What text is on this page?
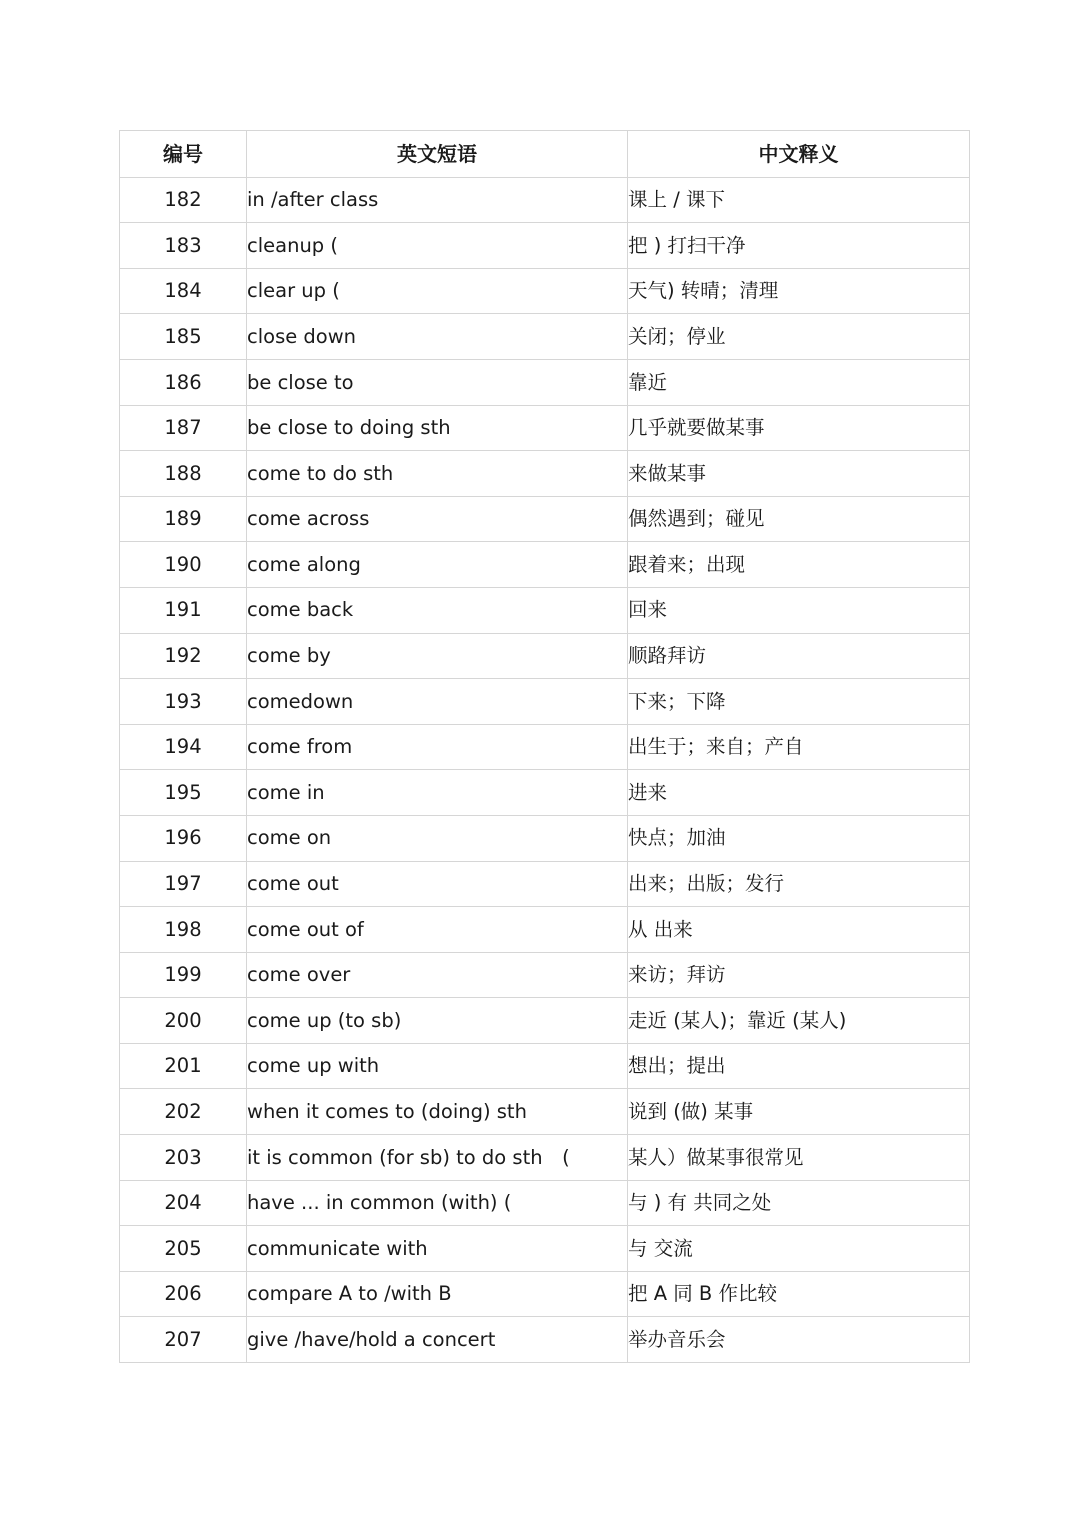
编号	英文短语	中文释义
182	in /after class	课上 / 课下
183	cleanup (	把 ) 打扫干净
184	clear up (	天气) 转晴；清理
185	close down	关闭；停业
186	be close to	靠近
187	be close to doing sth	几乎就要做某事
188	come to do sth	来做某事
189	come across	偶然遇到；碰见
190	come along	跟着来；出现
191	come back	回来
192	come by	顺路拜访
193	comedown	下来；下降
194	come from	出生于；来自；产自
195	come in	进来
196	come on	快点；加油
197	come out	出来；出版；发行
198	come out of	从 出来
199	come over	来访；拜访
200	come up (to sb)	走近 (某人)；靠近 (某人)
201	come up with	想出；提出
202	when it comes to (doing) sth	说到 (做) 某事
203	it is common (for sb) to do sth　(	某人）做某事很常见
204	have ... in common (with) (	与 ) 有 共同之处
205	communicate with	与 交流
206	compare A to /with B	把 A 同 B 作比较
207	give /have/hold a concert	举办音乐会
